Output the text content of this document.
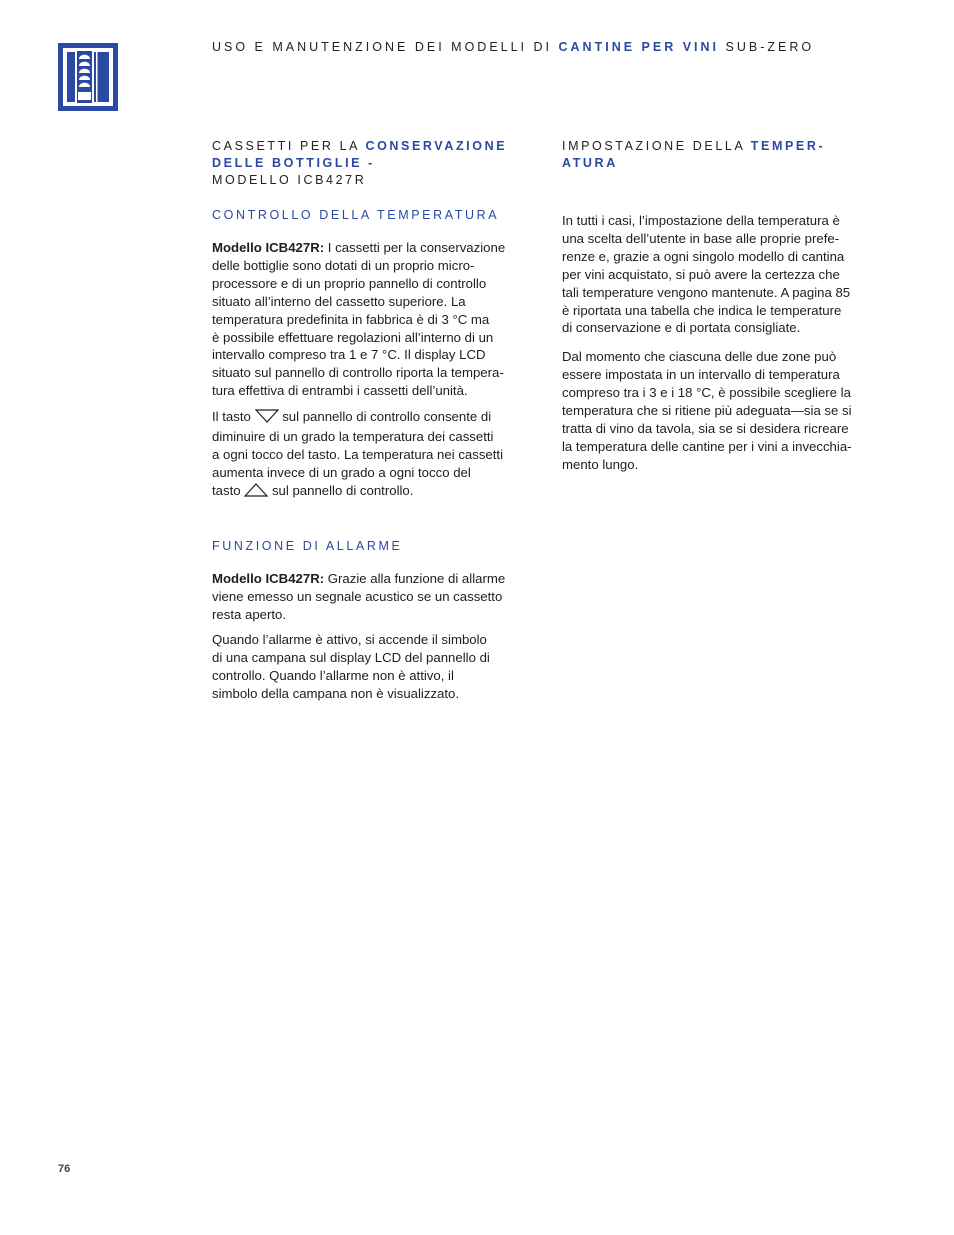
USO E MANUTENZIONE DEI MODELLI DI CANTINE PER VINI SUB-ZERO
CASSETTI PER LA CONSERVAZIONE DELLE BOTTIGLIE -
MODELLO ICB427R
CONTROLLO DELLA TEMPERATURA

Modello ICB427R: I cassetti per la conservazione
delle bottiglie sono dotati di un proprio micro-
processore e di un proprio pannello di controllo
situato all’interno del cassetto superiore. La
temperatura predefinita in fabbrica è di 3 °C ma
è possibile effettuare regolazioni all’interno di un
intervallo compreso tra 1 e 7 °C. Il display LCD
situato sul pannello di controllo riporta la tempera-
tura effettiva di entrambi i cassetti dell’unità.

Il tasto sul pannello di controllo consente di
diminuire di un grado la temperatura dei cassetti
a ogni tocco del tasto. La temperatura nei cassetti
aumenta invece di un grado a ogni tocco del
tasto sul pannello di controllo.

FUNZIONE DI ALLARME

Modello ICB427R: Grazie alla funzione di allarme
viene emesso un segnale acustico se un cassetto
resta aperto.

Quando l’allarme è attivo, si accende il simbolo
di una campana sul display LCD del pannello di
controllo. Quando l’allarme non è attivo, il
simbolo della campana non è visualizzato.

IMPOSTAZIONE DELLA TEMPER-
ATURA

In tutti i casi, l’impostazione della temperatura è
una scelta dell’utente in base alle proprie prefe-
renze e, grazie a ogni singolo modello di cantina
per vini acquistato, si può avere la certezza che
tali temperature vengono mantenute. A pagina 85
è riportata una tabella che indica le temperature
di conservazione e di portata consigliate.

Dal momento che ciascuna delle due zone può
essere impostata in un intervallo di temperatura
compreso tra i 3 e i 18 °C, è possibile scegliere la
temperatura che si ritiene più adeguata—sia se si
tratta di vino da tavola, sia se si desidera ricreare
la temperatura delle cantine per i vini a invecchia-
mento lungo.

76
